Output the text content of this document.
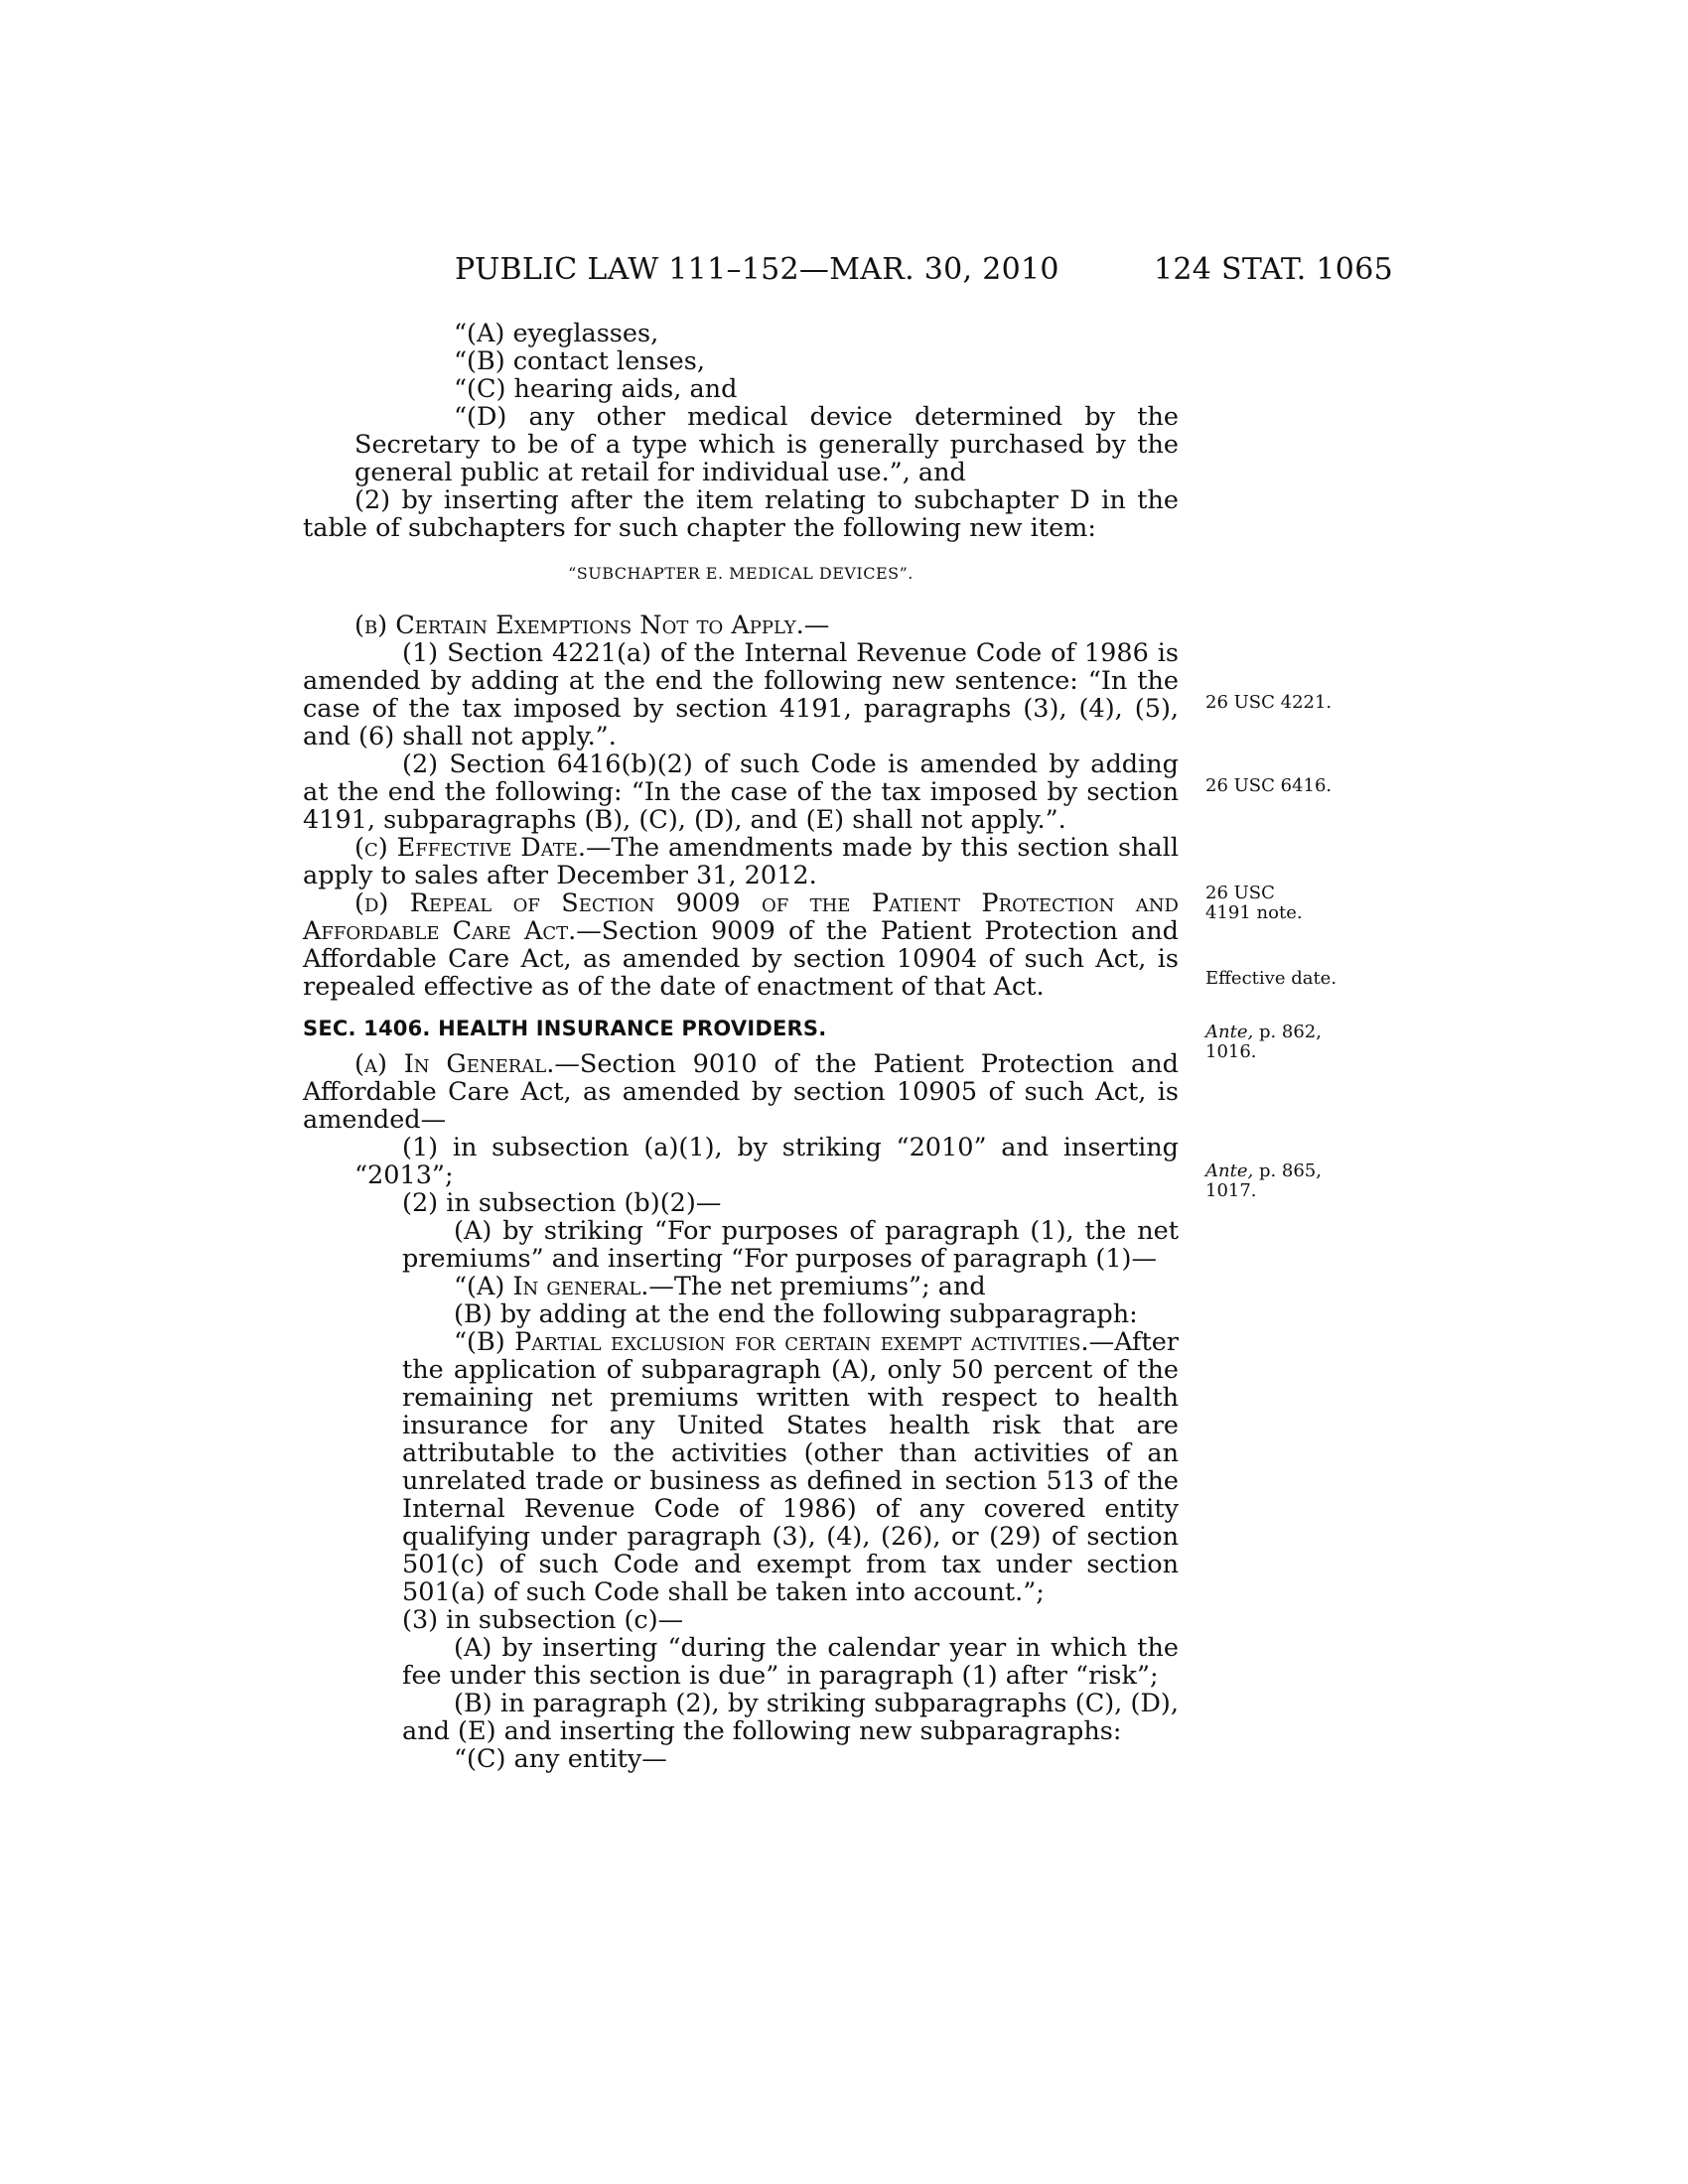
PUBLIC LAW 111–152—MAR. 30, 2010	124 STAT. 1065

“(A) eyeglasses,

“(B) contact lenses,

“(C) hearing aids, and

“(D) any other medical device determined by the Secretary to be of a type which is generally purchased by the general public at retail for individual use.”, and

(2) by inserting after the item relating to subchapter D in the table of subchapters for such chapter the following new item:

“SUBCHAPTER E. MEDICAL DEVICES”.

(b) Certain Exemptions Not to Apply.—

(1) Section 4221(a) of the Internal Revenue Code of 1986 is amended by adding at the end the following new sentence: “In the case of the tax imposed by section 4191, paragraphs (3), (4), (5), and (6) shall not apply.”.

(2) Section 6416(b)(2) of such Code is amended by adding at the end the following: “In the case of the tax imposed by section 4191, subparagraphs (B), (C), (D), and (E) shall not apply.”.

(c) Effective Date.—The amendments made by this section shall apply to sales after December 31, 2012.

(d) Repeal of Section 9009 of the Patient Protection and Affordable Care Act.—Section 9009 of the Patient Protection and Affordable Care Act, as amended by section 10904 of such Act, is repealed effective as of the date of enactment of that Act.

SEC. 1406. HEALTH INSURANCE PROVIDERS.

(a) In General.—Section 9010 of the Patient Protection and Affordable Care Act, as amended by section 10905 of such Act, is amended—

(1) in subsection (a)(1), by striking “2010” and inserting “2013”;

(2) in subsection (b)(2)—

(A) by striking “For purposes of paragraph (1), the net premiums” and inserting “For purposes of paragraph (1)—

“(A) In general.—The net premiums”; and

(B) by adding at the end the following subparagraph:

“(B) Partial exclusion for certain exempt activities.—After the application of subparagraph (A), only 50 percent of the remaining net premiums written with respect to health insurance for any United States health risk that are attributable to the activities (other than activities of an unrelated trade or business as defined in section 513 of the Internal Revenue Code of 1986) of any covered entity qualifying under paragraph (3), (4), (26), or (29) of section 501(c) of such Code and exempt from tax under section 501(a) of such Code shall be taken into account.”;

(3) in subsection (c)—

(A) by inserting “during the calendar year in which the fee under this section is due” in paragraph (1) after “risk”;

(B) in paragraph (2), by striking subparagraphs (C), (D), and (E) and inserting the following new subparagraphs:

“(C) any entity—

26 USC 4221.
26 USC 6416.
26 USC 4191 note.
Effective date.
Ante, p. 862, 1016.
Ante, p. 865, 1017.
